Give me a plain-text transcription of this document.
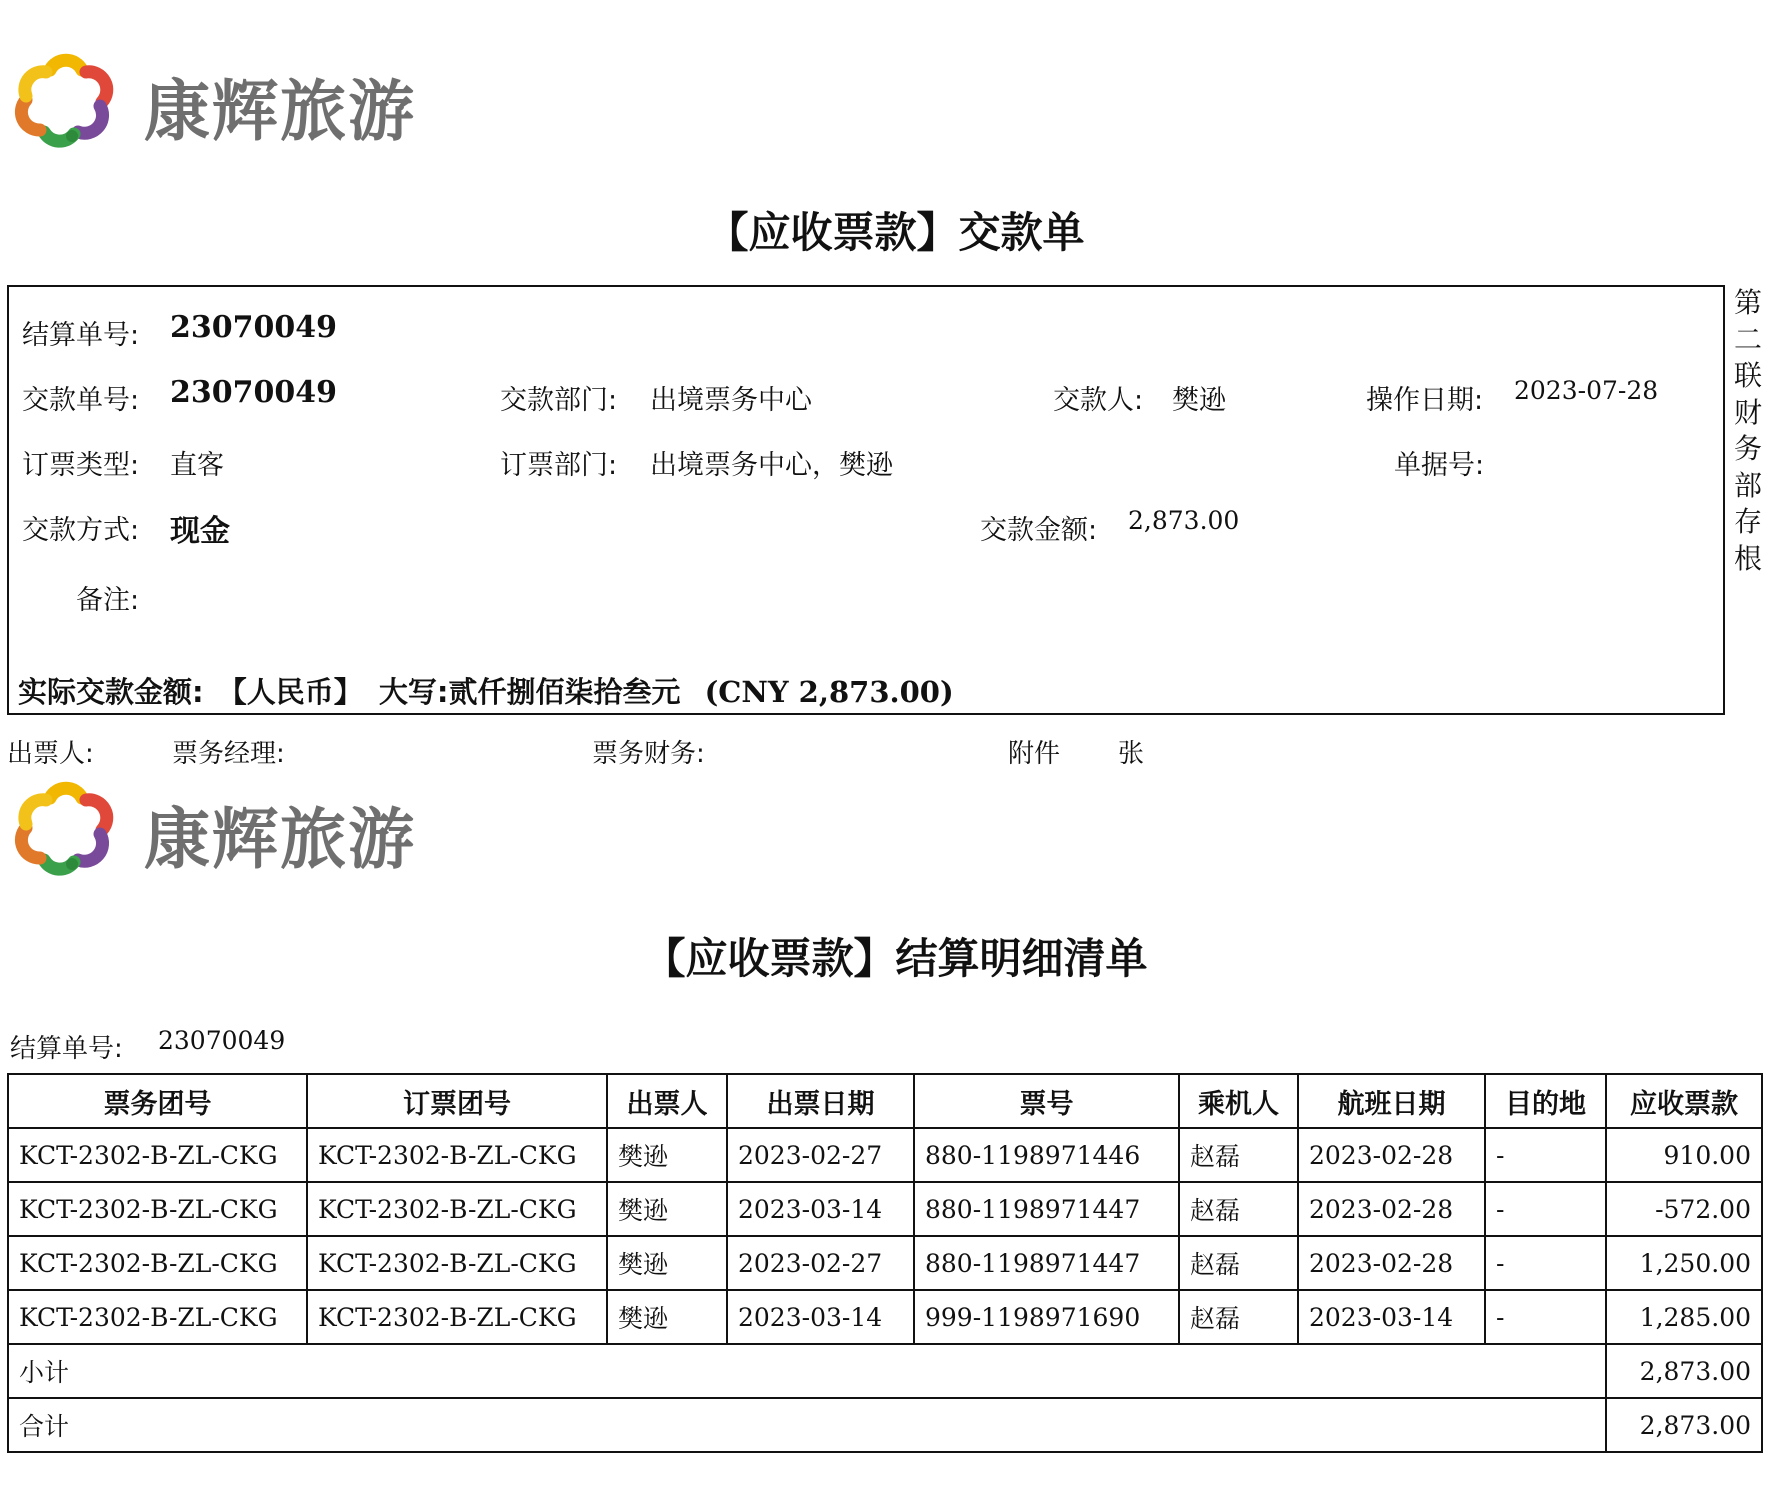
康辉旅游
【应收票款】交款单
结算单号: 23070049
交款单号: 23070049	交款部门: 出境票务中心	交款人: 樊逊	操作日期: 2023-07-28
订票类型: 直客	订票部门: 出境票务中心，樊逊	单据号:
交款方式: 现金	交款金额: 2,873.00
备注:
实际交款金额: 【人民币】 大写:贰仟捌佰柒拾叁元 (CNY 2,873.00)
第
二
联
财
务
部
存
根
出票人:	票务经理:	票务财务:	附件 张
康辉旅游
【应收票款】结算明细清单
结算单号: 23070049
票务团号	订票团号	出票人	出票日期	票号	乘机人	航班日期	目的地	应收票款
KCT-2302-B-ZL-CKG	KCT-2302-B-ZL-CKG	樊逊	2023-02-27	880-1198971446	赵磊	2023-02-28	-	910.00
KCT-2302-B-ZL-CKG	KCT-2302-B-ZL-CKG	樊逊	2023-03-14	880-1198971447	赵磊	2023-02-28	-	-572.00
KCT-2302-B-ZL-CKG	KCT-2302-B-ZL-CKG	樊逊	2023-02-27	880-1198971447	赵磊	2023-02-28	-	1,250.00
KCT-2302-B-ZL-CKG	KCT-2302-B-ZL-CKG	樊逊	2023-03-14	999-1198971690	赵磊	2023-03-14	-	1,285.00
小计								2,873.00
合计								2,873.00
